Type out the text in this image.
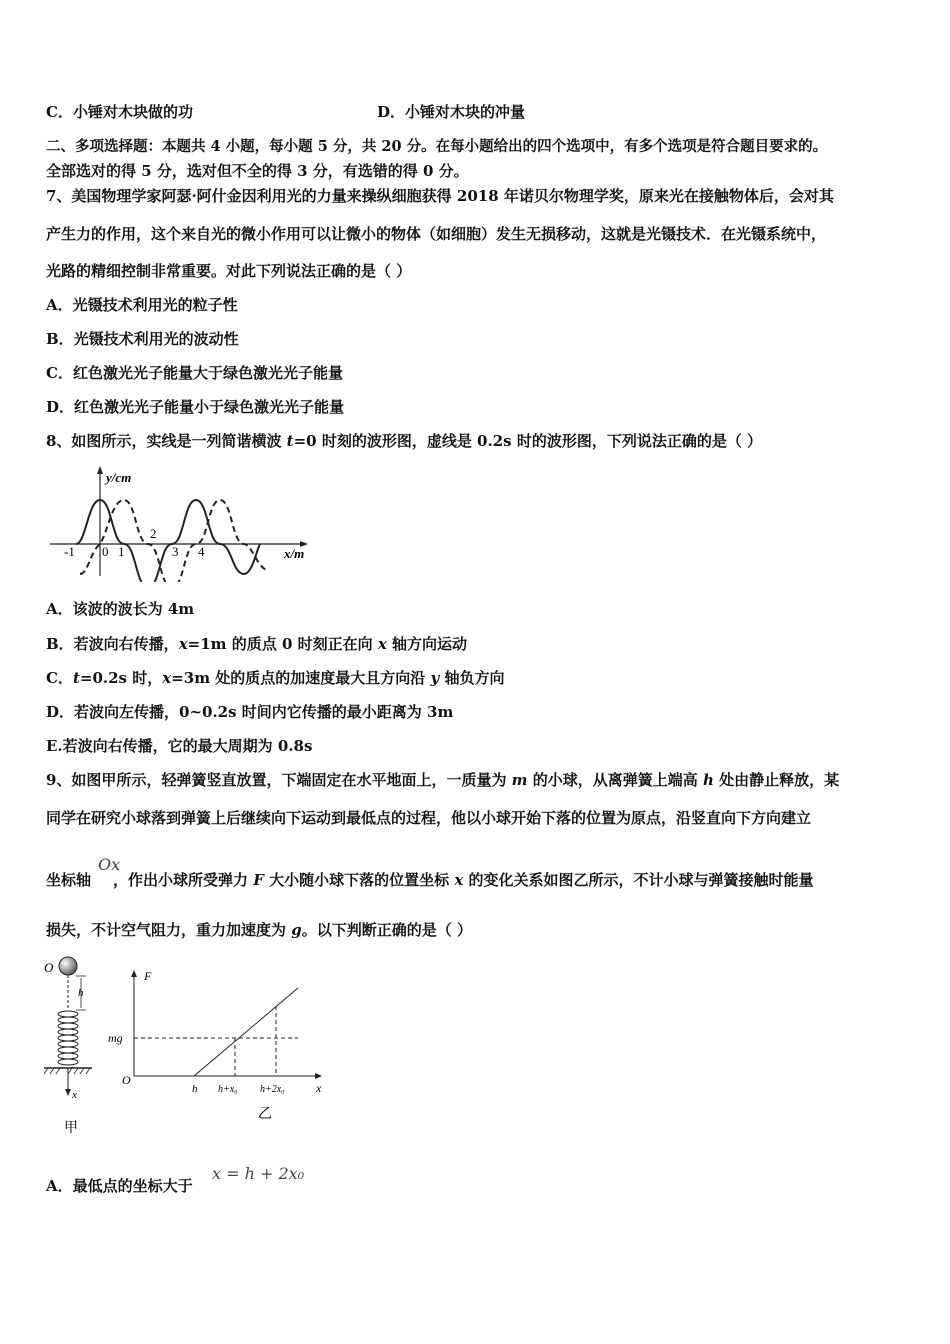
C．小锤对木块做的功	D．小锤对木块的冲量
二、多项选择题：本题共 4 小题，每小题 5 分，共 20 分。在每小题给出的四个选项中，有多个选项是符合题目要求的。
全部选对的得 5 分，选对但不全的得 3 分，有选错的得 0 分。
7、美国物理学家阿瑟·阿什金因利用光的力量来操纵细胞获得 2018 年诺贝尔物理学奖，原来光在接触物体后，会对其
产生力的作用，这个来自光的微小作用可以让微小的物体（如细胞）发生无损移动，这就是光镊技术．在光镊系统中，
光路的精细控制非常重要。对此下列说法正确的是（ ）
A．光镊技术利用光的粒子性
B．光镊技术利用光的波动性
C．红色激光光子能量大于绿色激光光子能量
D．红色激光光子能量小于绿色激光光子能量
8、如图所示，实线是一列简谐横波 t=0 时刻的波形图，虚线是 0.2s 时的波形图，下列说法正确的是（ ）
y/cm
x/m
-1 0 1
2
3 4
A．该波的波长为 4m
B．若波向右传播，x=1m 的质点 0 时刻正在向 x 轴方向运动
C．t=0.2s 时，x=3m 处的质点的加速度最大且方向沿 y 轴负方向
D．若波向左传播，0~0.2s 时间内它传播的最小距离为 3m
E.若波向右传播，它的最大周期为 0.8s
9、如图甲所示，轻弹簧竖直放置，下端固定在水平地面上，一质量为 m 的小球，从离弹簧上端高 h 处由静止释放，某
同学在研究小球落到弹簧上后继续向下运动到最低点的过程，他以小球开始下落的位置为原点，沿竖直向下方向建立
Ox
坐标轴 ，作出小球所受弹力 F 大小随小球下落的位置坐标 x 的变化关系如图乙所示，不计小球与弹簧接触时能量
损失，不计空气阻力，重力加速度为 g。以下判断正确的是（ ）
O
h
x
甲
F
x
O
mg
h h+x₀ h+2x₀
乙
A．最低点的坐标大于
x = h + 2x₀
